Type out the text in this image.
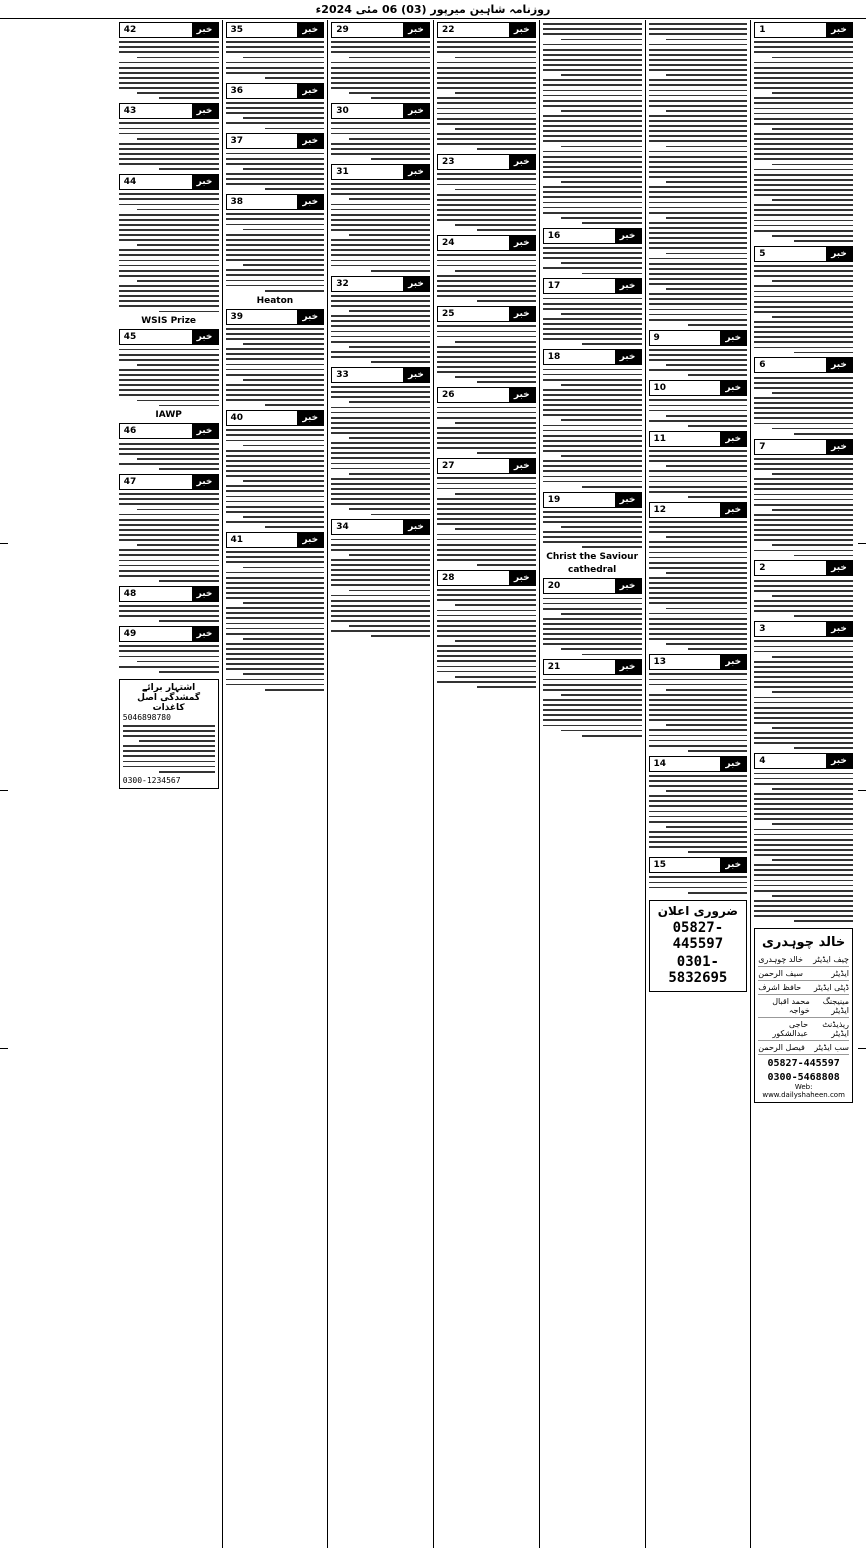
روزنامہ شاہین میرپور (03) 06 مئی 2024ء
خبر
1
خبر
5
خبر
6
خبر
7
خبر
2
خبر
3
خبر
4
خالد چوہدری
چیف ایڈیٹر
خالد چوہدری
ایڈیٹر
سیف الرحمن
ڈپٹی ایڈیٹر
حافظ اشرف
مینیجنگ ایڈیٹر
محمد اقبال خواجہ
ریذیڈنٹ ایڈیٹر
حاجی عبدالشکور
سب ایڈیٹر
فیصل الرحمن
05827-445597
0300-5468808
Web: www.dailyshaheen.com
خبر
9
خبر
10
خبر
11
خبر
12
خبر
13
خبر
14
خبر
15
ضروری اعلان
05827-445597
0301-5832695
خبر
16
خبر
17
خبر
18
خبر
19
Christ the Saviour
cathedral
خبر
20
خبر
21
خبر
22
خبر
23
خبر
24
خبر
25
خبر
26
خبر
27
خبر
28
خبر
29
خبر
30
خبر
31
خبر
32
خبر
33
خبر
34
خبر
35
خبر
36
خبر
37
خبر
38
Heaton
خبر
39
خبر
40
خبر
41
خبر
42
خبر
43
خبر
44
WSIS Prize
خبر
45
IAWP
خبر
46
خبر
47
خبر
48
خبر
49
اشتہار برائے گمشدگی اصل کاغذات
5046898780
0300-1234567
